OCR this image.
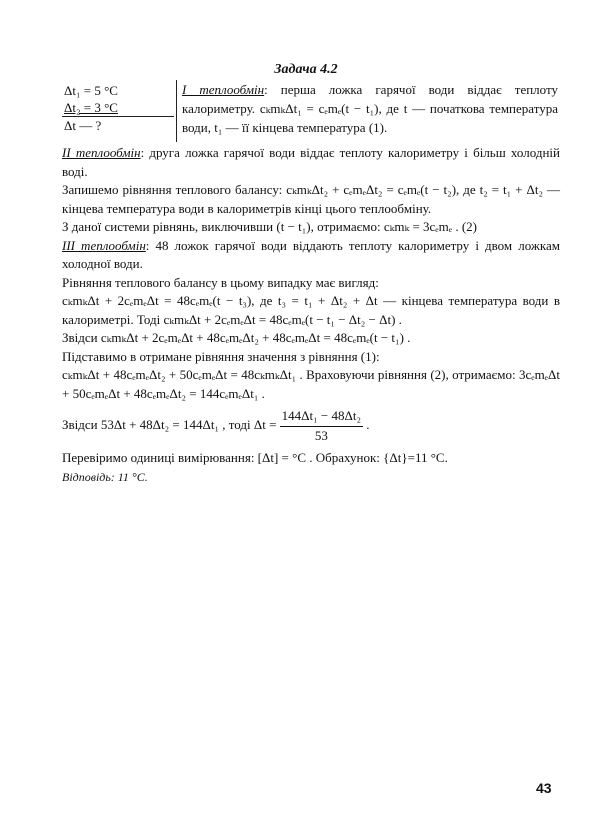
Задача 4.2
Δt₁ = 5 °C
Δt₂ = 3 °C
Δt — ?
I теплообмін: перша ложка гарячої води віддає теплоту калориметру. cₖmₖΔt₁ = cₑmₑ(t − t₁), де t — початкова температура води, t₁ — її кінцева температура (1).

II теплообмін: друга ложка гарячої води віддає теплоту калориметру і більш холодній воді.

Запишемо рівняння теплового балансу: cₖmₖΔt₂ + cₑmₑΔt₂ = cₑmₑ(t − t₂), де t₂ = t₁ + Δt₂ — кінцева температура води в калориметрів кінці цього теплообміну.

З даної системи рівнянь, виключивши (t − t₁), отримаємо: cₖmₖ = 3cₑmₑ . (2)

III теплообмін: 48 ложок гарячої води віддають теплоту калориметру і двом ложкам холодної води.

Рівняння теплового балансу в цьому випадку має вигляд:

cₖmₖΔt + 2cₑmₑΔt = 48cₑmₑ(t − t₃), де t₃ = t₁ + Δt₂ + Δt — кінцева температура води в калориметрі. Тоді cₖmₖΔt + 2cₑmₑΔt = 48cₑmₑ(t − t₁ − Δt₂ − Δt) .

Звідси cₖmₖΔt + 2cₑmₑΔt + 48cₑmₑΔt₂ + 48cₑmₑΔt = 48cₑmₑ(t − t₁) .

Підставимо в отримане рівняння значення з рівняння (1):

cₖmₖΔt + 48cₑmₑΔt₂ + 50cₑmₑΔt = 48cₖmₖΔt₁ . Враховуючи рівняння (2), отримаємо: 3cₑmₑΔt + 50cₑmₑΔt + 48cₑmₑΔt₂ = 144cₑmₑΔt₁ .

Звідси 53Δt + 48Δt₂ = 144Δt₁ , тоді $\Delta t = \frac{\text{144Δt₁ − 48Δt₂}}{53}$ .

Перевіримо одиниці вимірювання: [Δt] = °C . Обрахунок: {Δt}=11 °C.

Відповідь: 11 °C.

43
